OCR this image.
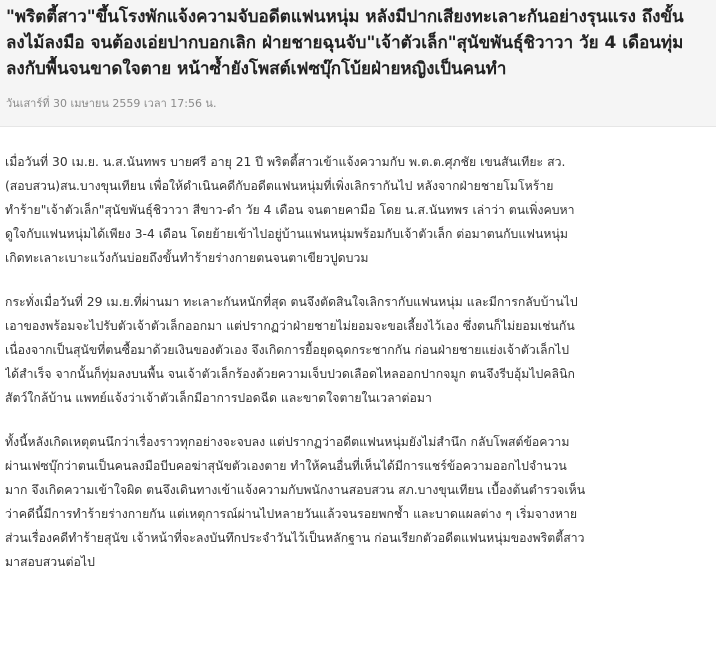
"พริตตี้สาว"ขึ้นโรงพักแจ้งความจับอดีตแฟนหนุ่ม หลังมีปากเสียงทะเลาะกันอย่างรุนแรง ถึงขั้น
ลงไม้ลงมือ จนต้องเอ่ยปากบอกเลิก ฝ่ายชายฉุนจับ"เจ้าตัวเล็ก"สุนัขพันธุ์ชิวาวา วัย 4 เดือนทุ่ม
ลงกับพื้นจนขาดใจตาย หน้าซ้ำยังโพสต์เฟซบุ๊กโบ้ยฝ่ายหญิงเป็นคนทำ
วันเสาร์ที่ 30 เมษายน 2559 เวลา 17:56 น.

เมื่อวันที่ 30 เม.ย. น.ส.นันทพร บายศรี อายุ 21 ปี พริตตี้สาวเข้าแจ้งความกับ พ.ต.ต.ศุภชัย เขนสันเทียะ สว.
(สอบสวน)สน.บางขุนเทียน เพื่อให้ดำเนินคดีกับอดีตแฟนหนุ่มที่เพิ่งเลิกรากันไป หลังจากฝ่ายชายโมโหร้าย
ทำร้าย"เจ้าตัวเล็ก"สุนัขพันธุ์ชิวาวา สีขาว-ดำ วัย 4 เดือน จนตายคามือ โดย น.ส.นันทพร เล่าว่า ตนเพิ่งคบหา
ดูใจกับแฟนหนุ่มได้เพียง 3-4 เดือน โดยย้ายเข้าไปอยู่บ้านแฟนหนุ่มพร้อมกับเจ้าตัวเล็ก ต่อมาตนกับแฟนหนุ่ม
เกิดทะเลาะเบาะแว้งกันบ่อยถึงขั้นทำร้ายร่างกายตนจนตาเขียวปูดบวม

กระทั่งเมื่อวันที่ 29 เม.ย.ที่ผ่านมา ทะเลาะกันหนักที่สุด ตนจึงตัดสินใจเลิกรากับแฟนหนุ่ม และมีการกลับบ้านไป
เอาของพร้อมจะไปรับตัวเจ้าตัวเล็กออกมา แต่ปรากฏว่าฝ่ายชายไม่ยอมจะขอเลี้ยงไว้เอง ซึ่งตนก็ไม่ยอมเช่นกัน
เนื่องจากเป็นสุนัขที่ตนซื้อมาด้วยเงินของตัวเอง จึงเกิดการยื้อยุดฉุดกระชากกัน ก่อนฝ่ายชายแย่งเจ้าตัวเล็กไป
ได้สำเร็จ จากนั้นก็ทุ่มลงบนพื้น จนเจ้าตัวเล็กร้องด้วยความเจ็บปวดเลือดไหลออกปากจมูก ตนจึงรีบอุ้มไปคลินิก
สัตว์ใกล้บ้าน แพทย์แจ้งว่าเจ้าตัวเล็กมีอาการปอดฉีด และขาดใจตายในเวลาต่อมา

ทั้งนี้หลังเกิดเหตุตนนึกว่าเรื่องราวทุกอย่างจะจบลง แต่ปรากฏว่าอดีตแฟนหนุ่มยังไม่สำนึก กลับโพสต์ข้อความ
ผ่านเฟซบุ๊กว่าตนเป็นคนลงมือบีบคอฆ่าสุนัขตัวเองตาย ทำให้คนอื่นที่เห็นได้มีการแชร์ข้อความออกไปจำนวน
มาก จึงเกิดความเข้าใจผิด ตนจึงเดินทางเข้าแจ้งความกับพนักงานสอบสวน สภ.บางขุนเทียน เบื้องต้นตำรวจเห็น
ว่าคดีนี้มีการทำร้ายร่างกายกัน แต่เหตุการณ์ผ่านไปหลายวันแล้วจนรอยพกช้ำ และบาดแผลต่าง ๆ เริ่มจางหาย
ส่วนเรื่องคดีทำร้ายสุนัข เจ้าหน้าที่จะลงบันทึกประจำวันไว้เป็นหลักฐาน ก่อนเรียกตัวอดีตแฟนหนุ่มของพริตตี้สาว
มาสอบสวนต่อไป
